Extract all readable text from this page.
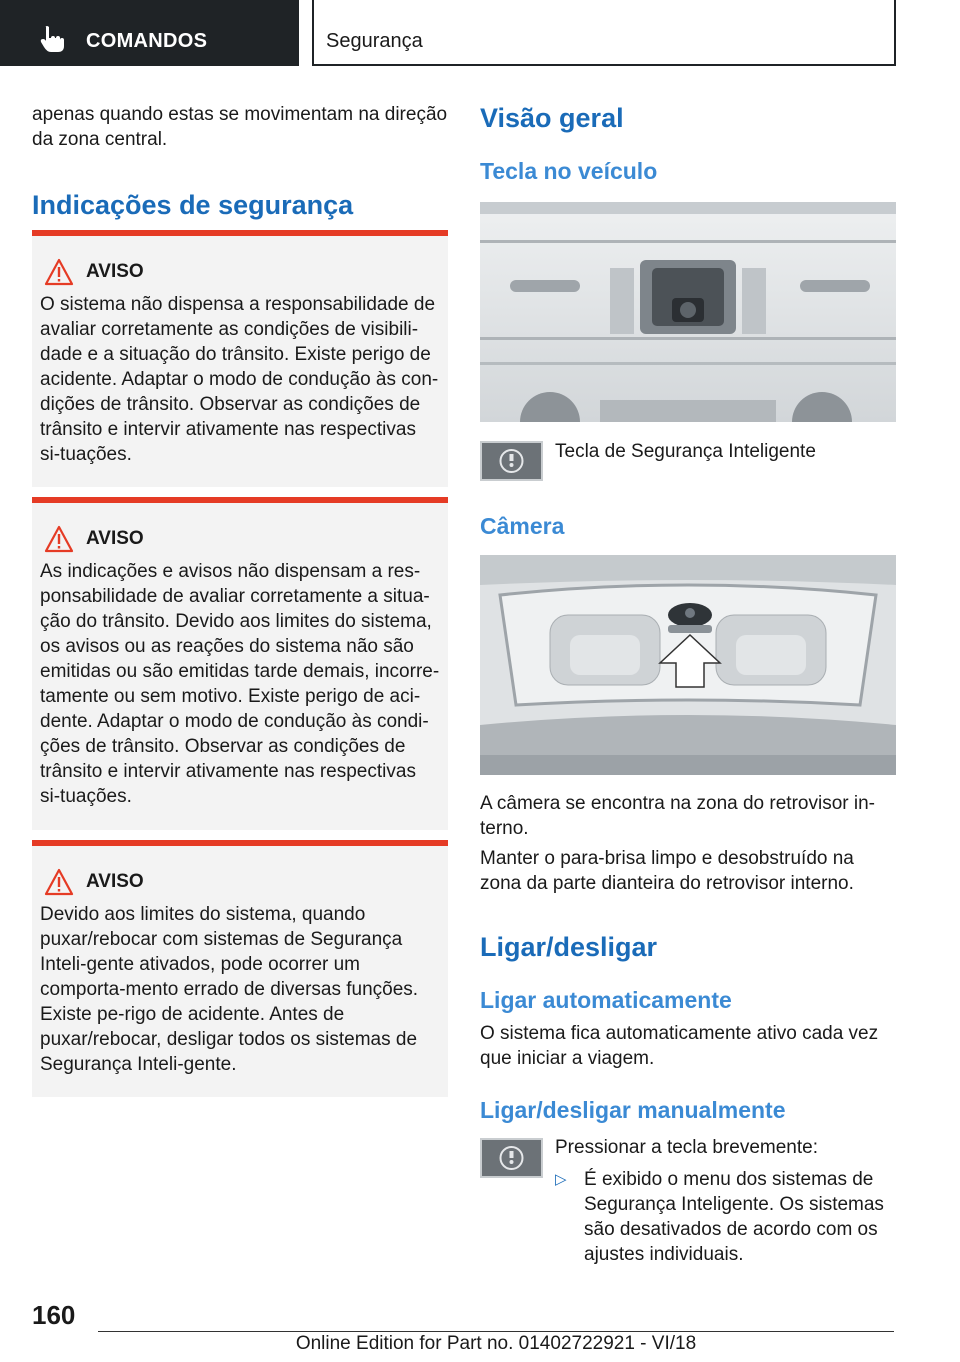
COMANDOS	Segurança

apenas quando estas se movimentam na direção da zona central.

Indicações de segurança
AVISO
O sistema não dispensa a responsabilidade de avaliar corretamente as condições de visibili-dade e a situação do trânsito. Existe perigo de acidente. Adaptar o modo de condução às con-dições de trânsito. Observar as condições de trânsito e intervir ativamente nas respectivas si-tuações.
AVISO
As indicações e avisos não dispensam a res-ponsabilidade de avaliar corretamente a situa-ção do trânsito. Devido aos limites do sistema, os avisos ou as reações do sistema não são emitidas ou são emitidas tarde demais, incorre-tamente ou sem motivo. Existe perigo de aci-dente. Adaptar o modo de condução às condi-ções de trânsito. Observar as condições de trânsito e intervir ativamente nas respectivas si-tuações.
AVISO
Devido aos limites do sistema, quando puxar/rebocar com sistemas de Segurança Inteli-gente ativados, pode ocorrer um comporta-mento errado de diversas funções. Existe pe-rigo de acidente. Antes de puxar/rebocar, desligar todos os sistemas de Segurança Inteli-gente.
Visão geral
Tecla no veículo

Tecla de Segurança Inteligente

Câmera

A câmera se encontra na zona do retrovisor in-terno.

Manter o para-brisa limpo e desobstruído na zona da parte dianteira do retrovisor interno.

Ligar/desligar
Ligar automaticamente

O sistema fica automaticamente ativo cada vez que iniciar a viagem.

Ligar/desligar manualmente

Pressionar a tecla brevemente:

▷ É exibido o menu dos sistemas de Segurança Inteligente. Os sistemas são desativados de acordo com os ajustes individuais.

160
Online Edition for Part no. 01402722921 - VI/18
